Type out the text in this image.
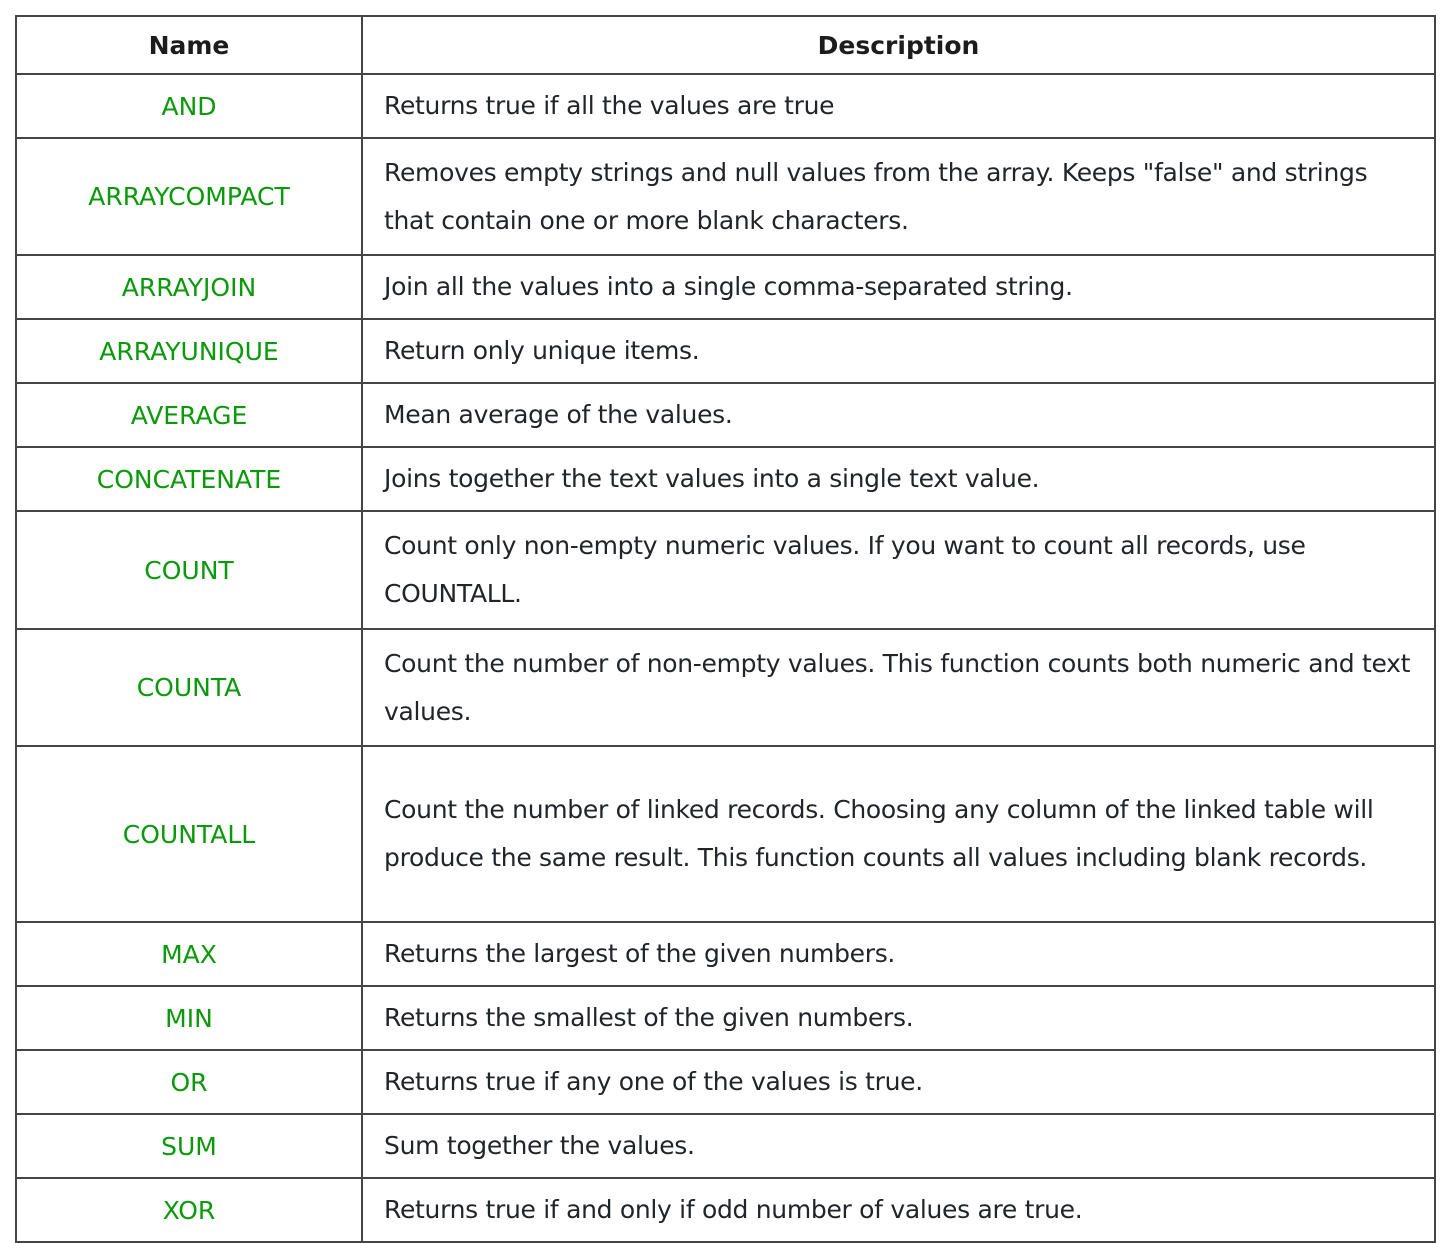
Name	Description
AND	Returns true if all the values are true
ARRAYCOMPACT	Removes empty strings and null values from the array. Keeps "false" and strings that contain one or more blank characters.
ARRAYJOIN	Join all the values into a single comma-separated string.
ARRAYUNIQUE	Return only unique items.
AVERAGE	Mean average of the values.
CONCATENATE	Joins together the text values into a single text value.
COUNT	Count only non-empty numeric values. If you want to count all records, use COUNTALL.
COUNTA	Count the number of non-empty values. This function counts both numeric and text values.
COUNTALL	Count the number of linked records. Choosing any column of the linked table will produce the same result. This function counts all values including blank records.
MAX	Returns the largest of the given numbers.
MIN	Returns the smallest of the given numbers.
OR	Returns true if any one of the values is true.
SUM	Sum together the values.
XOR	Returns true if and only if odd number of values are true.
